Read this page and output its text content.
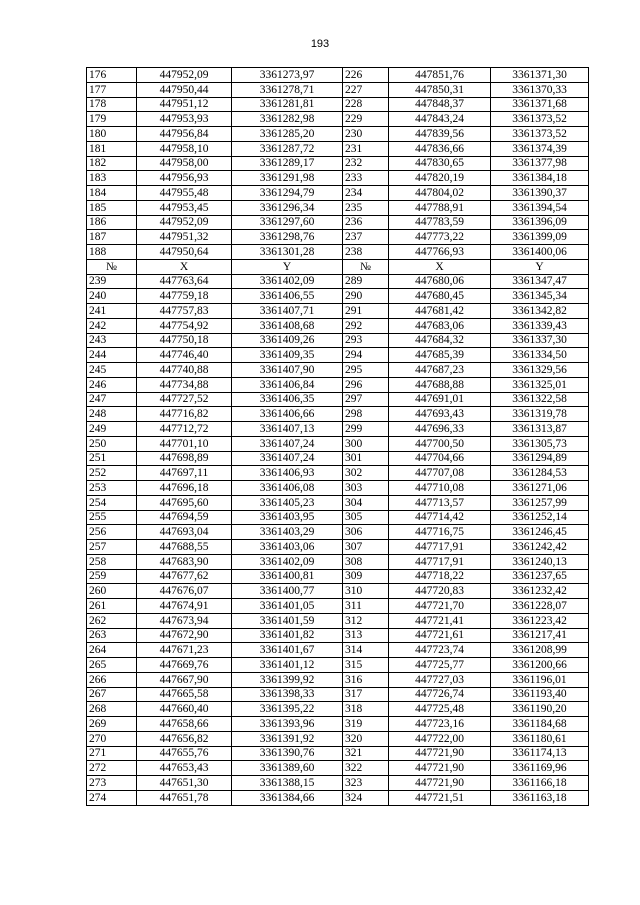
193
176	447952,09	3361273,97	226	447851,76	3361371,30
177	447950,44	3361278,71	227	447850,31	3361370,33
178	447951,12	3361281,81	228	447848,37	3361371,68
179	447953,93	3361282,98	229	447843,24	3361373,52
180	447956,84	3361285,20	230	447839,56	3361373,52
181	447958,10	3361287,72	231	447836,66	3361374,39
182	447958,00	3361289,17	232	447830,65	3361377,98
183	447956,93	3361291,98	233	447820,19	3361384,18
184	447955,48	3361294,79	234	447804,02	3361390,37
185	447953,45	3361296,34	235	447788,91	3361394,54
186	447952,09	3361297,60	236	447783,59	3361396,09
187	447951,32	3361298,76	237	447773,22	3361399,09
188	447950,64	3361301,28	238	447766,93	3361400,06
№	X	Y	№	X	Y
239	447763,64	3361402,09	289	447680,06	3361347,47
240	447759,18	3361406,55	290	447680,45	3361345,34
241	447757,83	3361407,71	291	447681,42	3361342,82
242	447754,92	3361408,68	292	447683,06	3361339,43
243	447750,18	3361409,26	293	447684,32	3361337,30
244	447746,40	3361409,35	294	447685,39	3361334,50
245	447740,88	3361407,90	295	447687,23	3361329,56
246	447734,88	3361406,84	296	447688,88	3361325,01
247	447727,52	3361406,35	297	447691,01	3361322,58
248	447716,82	3361406,66	298	447693,43	3361319,78
249	447712,72	3361407,13	299	447696,33	3361313,87
250	447701,10	3361407,24	300	447700,50	3361305,73
251	447698,89	3361407,24	301	447704,66	3361294,89
252	447697,11	3361406,93	302	447707,08	3361284,53
253	447696,18	3361406,08	303	447710,08	3361271,06
254	447695,60	3361405,23	304	447713,57	3361257,99
255	447694,59	3361403,95	305	447714,42	3361252,14
256	447693,04	3361403,29	306	447716,75	3361246,45
257	447688,55	3361403,06	307	447717,91	3361242,42
258	447683,90	3361402,09	308	447717,91	3361240,13
259	447677,62	3361400,81	309	447718,22	3361237,65
260	447676,07	3361400,77	310	447720,83	3361232,42
261	447674,91	3361401,05	311	447721,70	3361228,07
262	447673,94	3361401,59	312	447721,41	3361223,42
263	447672,90	3361401,82	313	447721,61	3361217,41
264	447671,23	3361401,67	314	447723,74	3361208,99
265	447669,76	3361401,12	315	447725,77	3361200,66
266	447667,90	3361399,92	316	447727,03	3361196,01
267	447665,58	3361398,33	317	447726,74	3361193,40
268	447660,40	3361395,22	318	447725,48	3361190,20
269	447658,66	3361393,96	319	447723,16	3361184,68
270	447656,82	3361391,92	320	447722,00	3361180,61
271	447655,76	3361390,76	321	447721,90	3361174,13
272	447653,43	3361389,60	322	447721,90	3361169,96
273	447651,30	3361388,15	323	447721,90	3361166,18
274	447651,78	3361384,66	324	447721,51	3361163,18
